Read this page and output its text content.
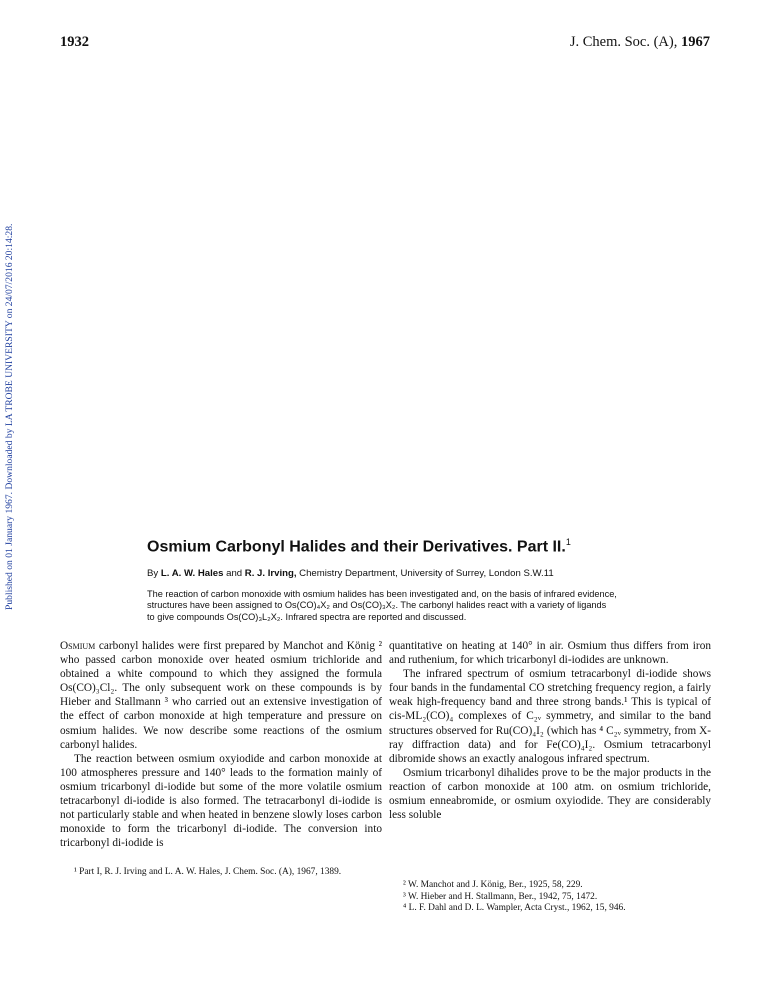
1932	J. Chem. Soc. (A), 1967
Published on 01 January 1967. Downloaded by LA TROBE UNIVERSITY on 24/07/2016 20:14:28.	Osmium Carbonyl Halides and their Derivatives. Part II.$^1$
By L. A. W. Hales and R. J. Irving, Chemistry Department, University of Surrey, London S.W.11
The reaction of carbon monoxide with osmium halides has been investigated and, on the basis of infrared evidence,
structures have been assigned to Os(CO)₄X₂ and Os(CO)₃X₂. The carbonyl halides react with a variety of ligands
to give compounds Os(CO)₃L₂X₂. Infrared spectra are reported and discussed.

Osmium carbonyl halides were first prepared by Manchot and König ² who passed carbon monoxide over heated osmium trichloride and obtained a white compound to which they assigned the formula Os(CO)₃Cl₂. The only subsequent work on these compounds is by Hieber and Stallmann ³ who carried out an extensive investigation of the effect of carbon monoxide at high temperature and pressure on osmium halides. We now describe some reactions of the osmium carbonyl halides.

The reaction between osmium oxyiodide and carbon monoxide at 100 atmospheres pressure and 140° leads to the formation mainly of osmium tricarbonyl di-iodide but some of the more volatile osmium tetracarbonyl di-iodide is also formed. The tetracarbonyl di-iodide is not particularly stable and when heated in benzene slowly loses carbon monoxide to form the tricarbonyl di-iodide. The conversion into tricarbonyl di-iodide is

quantitative on heating at 140° in air. Osmium thus differs from iron and ruthenium, for which tricarbonyl di-iodides are unknown.

The infrared spectrum of osmium tetracarbonyl di-iodide shows four bands in the fundamental CO stretching frequency region, a fairly weak high-frequency band and three strong bands.¹ This is typical of cis-ML₂(CO)₄ complexes of C₂ᵥ symmetry, and similar to the band structures observed for Ru(CO)₄I₂ (which has ⁴ C₂ᵥ symmetry, from X-ray diffraction data) and for Fe(CO)₄I₂. Osmium tetracarbonyl dibromide shows an exactly analogous infrared spectrum.

Osmium tricarbonyl dihalides prove to be the major products in the reaction of carbon monoxide at 100 atm. on osmium trichloride, osmium enneabromide, or osmium oxyiodide. They are considerably less soluble

¹ Part I, R. J. Irving and L. A. W. Hales, J. Chem. Soc. (A), 1967, 1389.

² W. Manchot and J. König, Ber., 1925, 58, 229.

³ W. Hieber and H. Stallmann, Ber., 1942, 75, 1472.

⁴ L. F. Dahl and D. L. Wampler, Acta Cryst., 1962, 15, 946.
